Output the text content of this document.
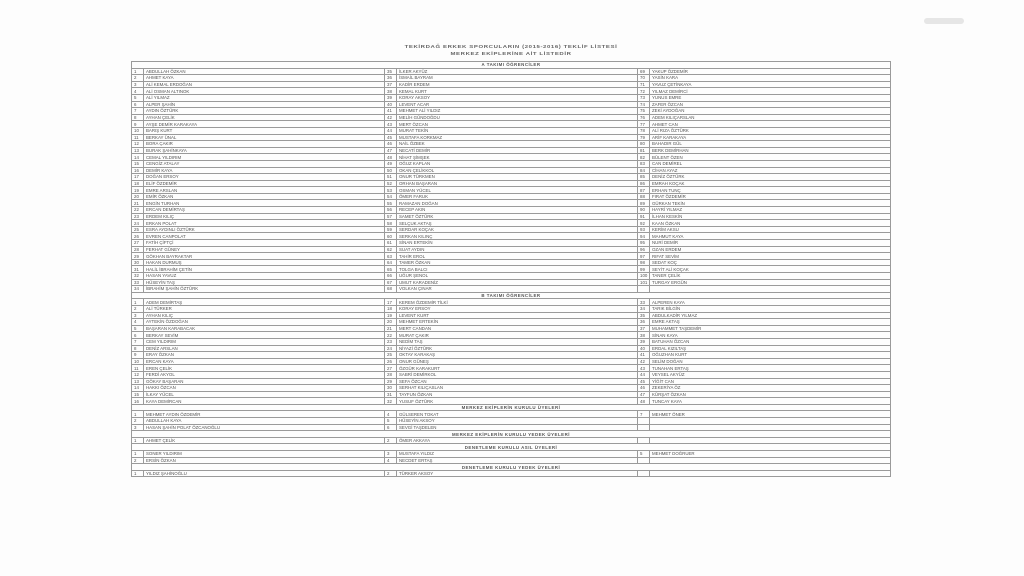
TEKİRDAĞ ERKEK SPORCULARIN (2015-2016) TEKLİF LİSTESİ
MERKEZ EKİPLERİNE AİT LİSTEDİR
A TAKIMI ÖĞRENCİLER					
1	ABDULLAH ÖZKAN	35	İLKER AKYÜZ	69	YAKUP ÖZDEMİR
2	AHMET KAYA	36	İSMAİL BAYRAM	70	YASİN KARA
3	ALİ KEMAL ERDOĞAN	37	KADİR ERDEM	71	YAVUZ ÇETİNKAYA
4	ALİ OSMAN ALTINOK	38	KEMAL KURT	72	YILMAZ DEMİRCİ
5	ALİ YILMAZ	39	KORAY AKSOY	73	YUNUS EMRE
6	ALPER ŞAHİN	40	LEVENT ACAR	74	ZAFER ÖZCAN
7	AYDIN ÖZTÜRK	41	MEHMET ALİ YILDIZ	75	ZEKİ AYDOĞAN
8	AYHAN ÇELİK	42	MELİH GÜNDOĞDU	76	ADEM KILIÇARSLAN
9	AYŞE DEMİR KARAKAYA	43	MERT ÖZCAN	77	AHMET CAN
10	BARIŞ KURT	44	MURAT TEKİN	78	ALİ RIZA ÖZTÜRK
11	BERKAY ÜNAL	45	MUSTAFA KORKMAZ	79	ARİF KARAKAYA
12	BORA ÇAKIR	46	NAİL ÖZBEK	80	BAHADIR GÜL
13	BURAK ŞAHİNKAYA	47	NECATİ DEMİR	81	BERK DEMİRHAN
14	CEMAL YILDIRIM	48	NİHAT ŞİMŞEK	82	BÜLENT ÖZEN
15	CENGİZ ATALAY	49	OĞUZ KAPLAN	83	CAN DEMİREL
16	DEMİR KAYA	50	OKAN ÇELİKKOL	84	CİHAN AYAZ
17	DOĞAN ERSOY	51	ONUR TÜRKMEN	85	DENİZ ÖZTÜRK
18	ELİF ÖZDEMİR	52	ORHAN BAŞARAN	86	EMRAH KOÇAK
19	EMRE ARSLAN	53	OSMAN YÜCEL	87	ERHAN TUNÇ
20	EMİR ÖZKAN	54	ÖMER FARUK	88	FIRAT ÖZDEMİR
21	ENGİN TURHAN	55	RAMAZAN DOĞAN	89	GÜRKAN TEKİN
22	ERCAN DEMİRTAŞ	56	RECEP AKIN	90	HAYRİ YILMAZ
23	ERDEM KILIÇ	57	SAMET ÖZTÜRK	91	İLHAN KESKİN
24	ERKAN POLAT	58	SELÇUK AKTAŞ	92	KAAN ÖZKAN
25	ESRA AYDINLI ÖZTÜRK	59	SERDAR KOÇAK	93	KERİM AKSU
26	EVREN CANPOLAT	60	SERKAN KILINÇ	94	MAHMUT KAYA
27	FATİH ÇİFTÇİ	61	SİNAN ERTEKİN	95	NURİ DEMİR
28	FERHAT GÜNEY	62	SUAT AYDIN	96	OZAN ERDEM
29	GÖKHAN BAYRAKTAR	63	TAHİR EROL	97	RIFAT SEVİM
30	HAKAN DURMUŞ	64	TAMER ÖZKAN	98	SEDAT KOÇ
31	HALİL İBRAHİM ÇETİN	65	TOLGA BALCI	99	SEYİT ALİ KOÇAK
32	HASAN YAVUZ	66	UĞUR ŞENOL	100	TANER ÇELİK
33	HÜSEYİN TAŞ	67	UMUT KARADENİZ	101	TURGAY ERGÜN
34	İBRAHİM ŞAHİN ÖZTÜRK	68	VOLKAN ÇINAR		
B TAKIMI ÖĞRENCİLER					
1	ADEM DEMİRTAŞ	17	KEREM ÖZDEMİR TİLKİ	33	ALPEREN KAYA
2	ALİ TÜRKER	18	KORAY ERSOY	34	TARIK BİLGİN
3	AYHAN KILIÇ	19	LEVENT KURT	35	ABDULKADİR YILMAZ
4	AYTEKİN ÖZDOĞAN	20	MEHMET ERTEKİN	36	EMRE AKTAŞ
5	BAŞARAN KARABACAK	21	MERT CANDAN	37	MUHAMMET TAŞDEMİR
6	BERKAY SEVİM	22	MURAT ÇAKIR	38	SİNAN KAYA
7	CEM YILDIRIM	23	NEDİM TAŞ	39	BATUHAN ÖZCAN
8	DENİZ ARSLAN	24	NİYAZİ ÖZTÜRK	40	ERDAL KIZILTAŞ
9	ERAY ÖZKAN	25	OKTAY KARAKAŞ	41	OĞUZHAN KURT
10	ERCAN KAYA	26	ONUR GÜNEŞ	42	SELİM DOĞAN
11	EREN ÇELİK	27	ÖZGÜR KARAKURT	43	TUNAHAN ERTAŞ
12	FERDİ AKYOL	28	SABRİ DEMİRKOL	44	VEYSEL AKYÜZ
13	GÖKAY BAŞARAN	29	SEFA ÖZCAN	45	YİĞİT CAN
14	HAKKI ÖZCAN	30	SERHAT KILIÇASLAN	46	ZEKERİYA ÖZ
15	İLKAY YÜCEL	31	TAYFUN ÖZKAN	47	KÜRŞAT ÖZKAN
16	KAYA DEMİRCAN	32	YUSUF ÖZTÜRK	48	TUNCAY KAYA
MERKEZ EKİPLERİN KURULU ÜYELERİ					
1	MEHMET AYDIN ÖZDEMİR	4	GÜLSEREN TOKAT	7	MEHMET ÖNER
2	ABDULLAH KAYA	5	HÜSEYİN AKSOY		
3	HASAN ŞAHİN POLAT ÖZCANOĞLU	6	SEVGİ TAŞDELEN		
MERKEZ EKİPLERİN KURULU YEDEK ÜYELERİ					
1	AHMET ÇELİK	2	ÖMER AKKAYA		
DENETLEME KURULU ASIL ÜYELERİ					
1	SONER YILDIRIM	3	MUSTAFA YILDIZ	5	MEHMET DOĞRUER
2	ERSİN ÖZKAN	4	NECDET ERTAŞ		
DENETLEME KURULU YEDEK ÜYELERİ					
1	YILDIZ ŞAHİNOĞLU	2	TÜRKER AKSOY		
